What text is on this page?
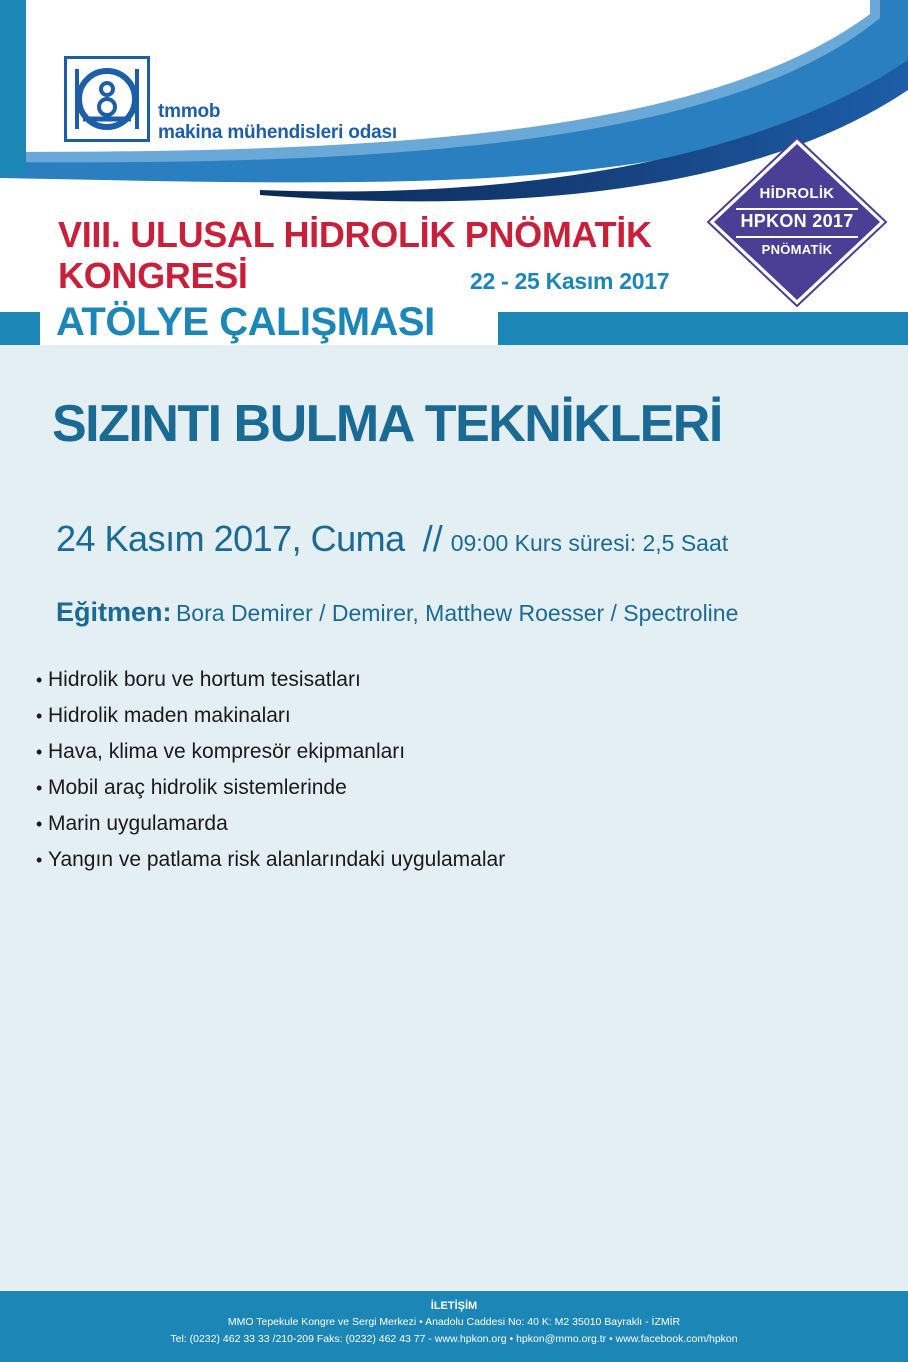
tmmob
makina mühendisleri odası
VIII. ULUSAL HİDROLİK PNÖMATİK
KONGRESİ	22 - 25 Kasım 2017
HİDROLİK
HPKON 2017
PNÖMATİK
ATÖLYE ÇALIŞMASI
SIZINTI BULMA TEKNİKLERİ
24 Kasım 2017, Cuma // 09:00 Kurs süresi: 2,5 Saat
Eğitmen: Bora Demirer / Demirer, Matthew Roesser / Spectroline
• Hidrolik boru ve hortum tesisatları
• Hidrolik maden makinaları
• Hava, klima ve kompresör ekipmanları
• Mobil araç hidrolik sistemlerinde
• Marin uygulamarda
• Yangın ve patlama risk alanlarındaki uygulamalar
İLETİŞİM
MMO Tepekule Kongre ve Sergi Merkezi • Anadolu Caddesi No: 40 K: M2 35010 Bayraklı - İZMİR
Tel: (0232) 462 33 33 /210-209 Faks: (0232) 462 43 77 - www.hpkon.org • hpkon@mmo.org.tr • www.facebook.com/hpkon
